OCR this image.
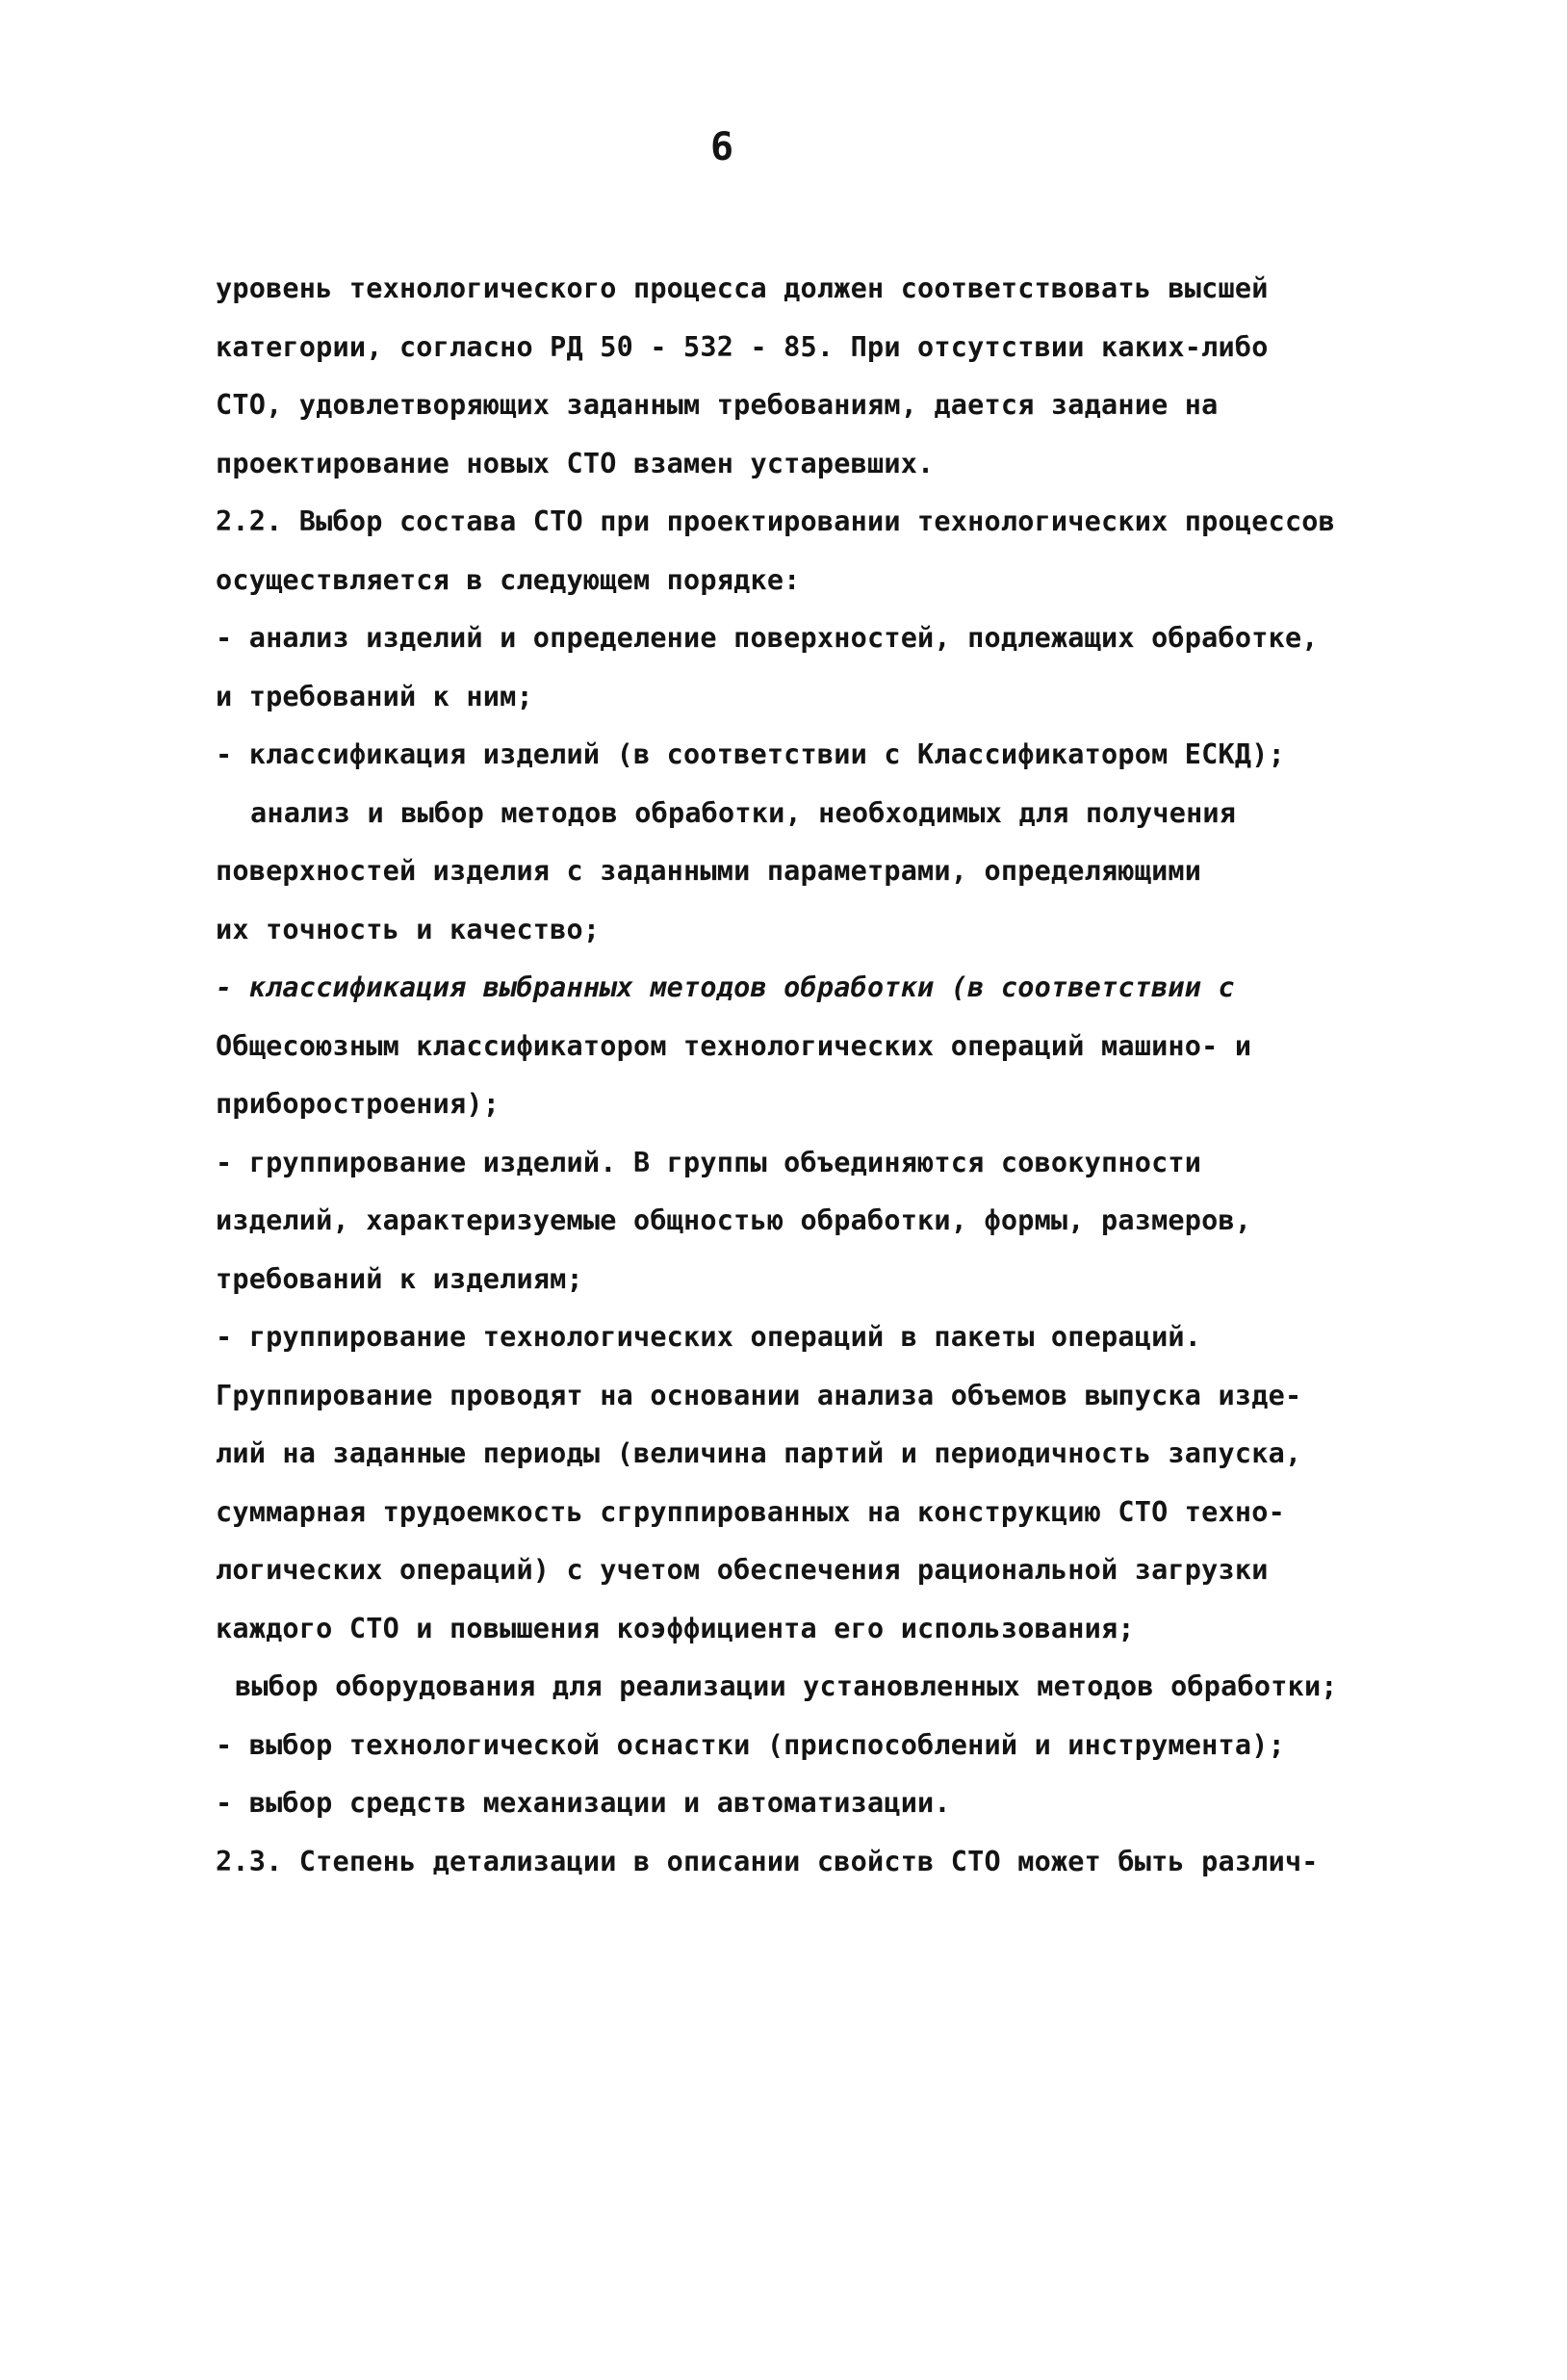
6
уровень технологического процесса должен соответствовать высшей
категории, согласно РД 50 - 532 - 85. При отсутствии каких-либо
СТО, удовлетворяющих заданным требованиям, дается задание на
проектирование новых СТО взамен устаревших.
2.2. Выбор состава СТО при проектировании технологических процессов
осуществляется в следующем порядке:
- анализ изделий и определение поверхностей, подлежащих обработке,
и требований к ним;
- классификация изделий (в соответствии с Классификатором ЕСКД);
анализ и выбор методов обработки, необходимых для получения
поверхностей изделия с заданными параметрами, определяющими
их точность и качество;
- классификация выбранных методов обработки (в соответствии с
Общесоюзным классификатором технологических операций машино- и
приборостроения);
- группирование изделий. В группы объединяются совокупности
изделий, характеризуемые общностью обработки, формы, размеров,
требований к изделиям;
- группирование технологических операций в пакеты операций.
Группирование проводят на основании анализа объемов выпуска изде-
лий на заданные периоды (величина партий и периодичность запуска,
суммарная трудоемкость сгруппированных на конструкцию СТО техно-
логических операций) с учетом обеспечения рациональной загрузки
каждого СТО и повышения коэффициента его использования;
выбор оборудования для реализации установленных методов обработки;
- выбор технологической оснастки (приспособлений и инструмента);
- выбор средств механизации и автоматизации.
2.3. Степень детализации в описании свойств СТО может быть различ-
